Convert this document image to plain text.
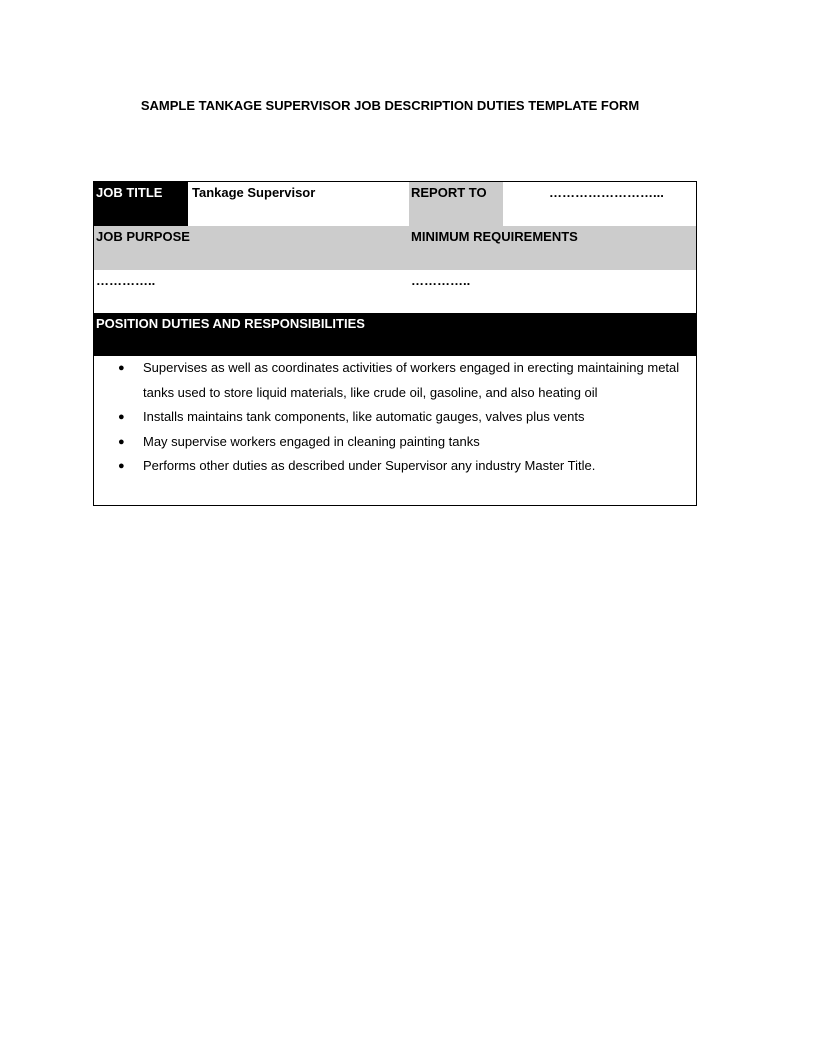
SAMPLE TANKAGE SUPERVISOR JOB DESCRIPTION DUTIES TEMPLATE FORM
JOB TITLE	Tankage Supervisor	REPORT TO	……………………...
JOB PURPOSE	MINIMUM REQUIREMENTS
…………..	…………..
POSITION DUTIES AND RESPONSIBILITIES
● Supervises as well as coordinates activities of workers engaged in erecting maintaining metal tanks used to store liquid materials, like crude oil, gasoline, and also heating oil
● Installs maintains tank components, like automatic gauges, valves plus vents
● May supervise workers engaged in cleaning painting tanks
● Performs other duties as described under Supervisor any industry Master Title.
